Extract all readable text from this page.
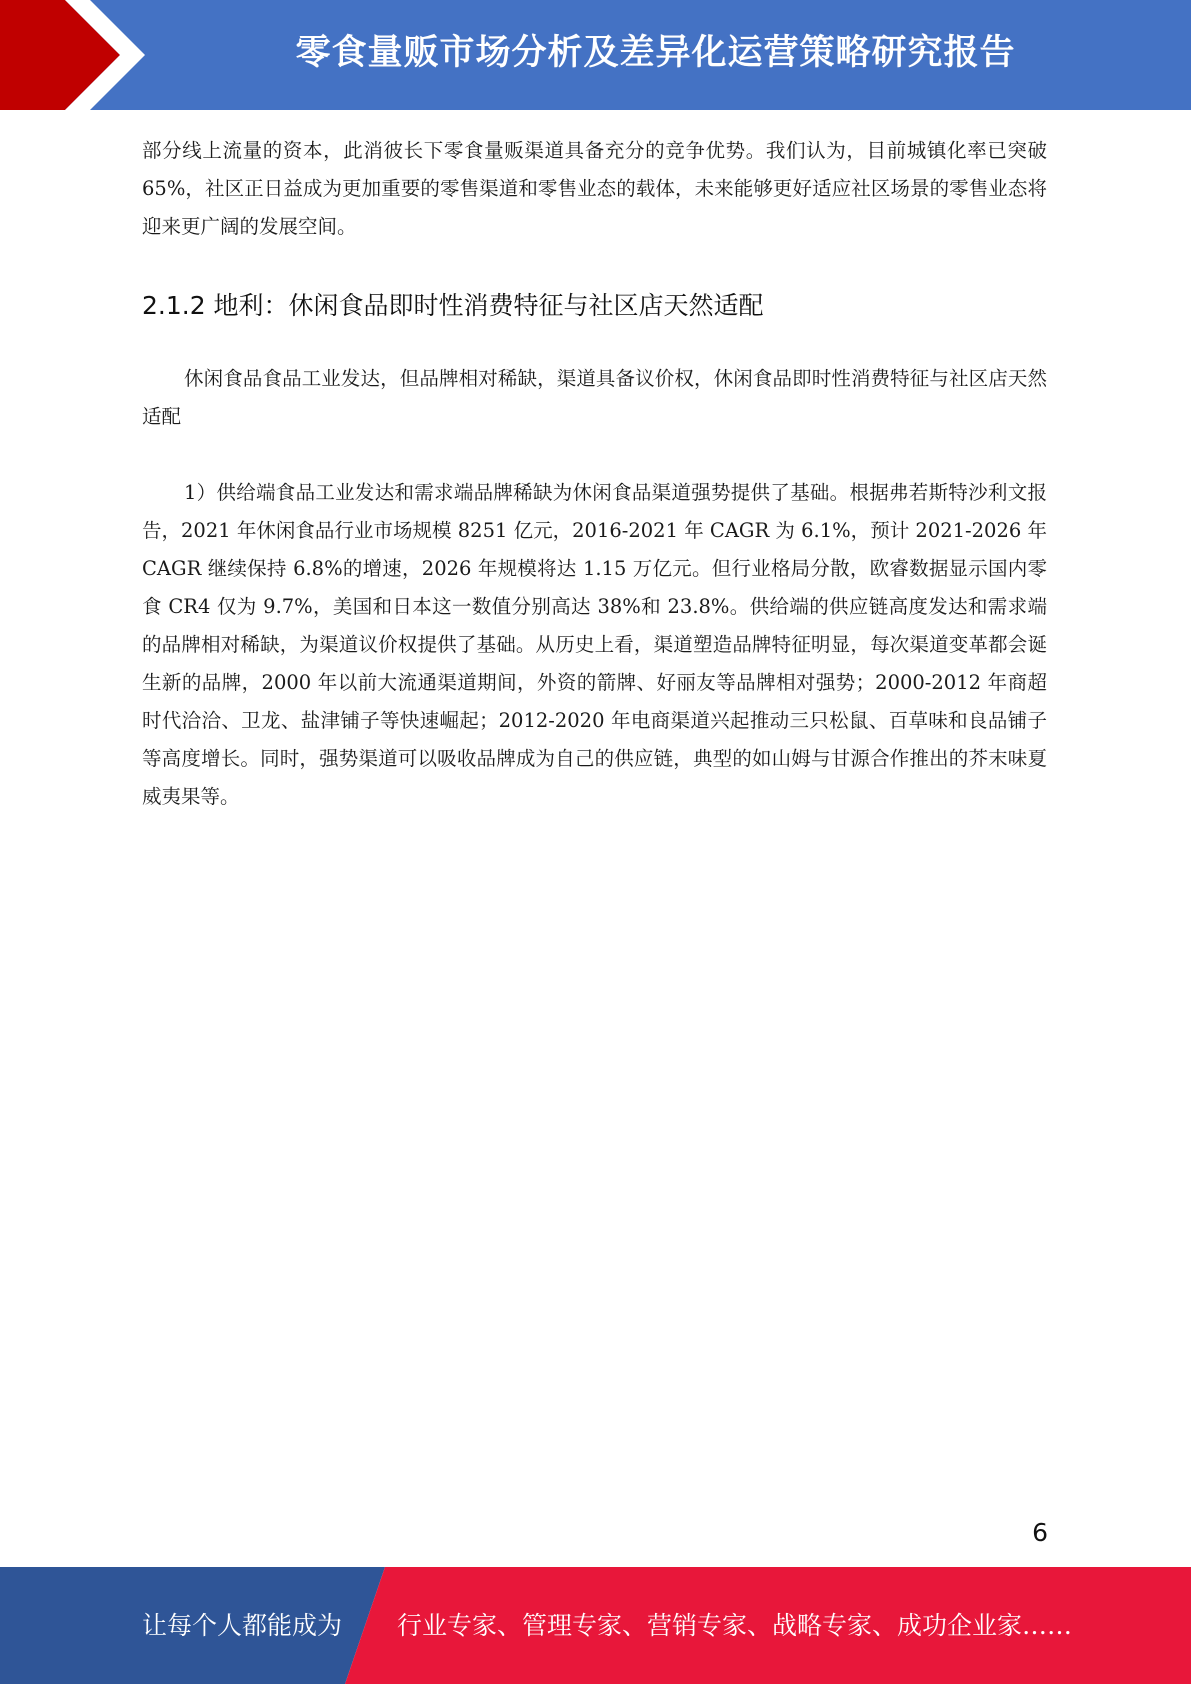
零食量贩市场分析及差异化运营策略研究报告

部分线上流量的资本，此消彼长下零食量贩渠道具备充分的竞争优势。我们认为，目前城镇化率已突破 65%，社区正日益成为更加重要的零售渠道和零售业态的载体，未来能够更好适应社区场景的零售业态将迎来更广阔的发展空间。

2.1.2 地利：休闲食品即时性消费特征与社区店天然适配

休闲食品食品工业发达，但品牌相对稀缺，渠道具备议价权，休闲食品即时性消费特征与社区店天然适配

1）供给端食品工业发达和需求端品牌稀缺为休闲食品渠道强势提供了基础。根据弗若斯特沙利文报告，2021 年休闲食品行业市场规模 8251 亿元，2016-2021 年 CAGR 为 6.1%，预计 2021-2026 年 CAGR 继续保持 6.8%的增速，2026 年规模将达 1.15 万亿元。但行业格局分散，欧睿数据显示国内零食 CR4 仅为 9.7%，美国和日本这一数值分别高达 38%和 23.8%。供给端的供应链高度发达和需求端的品牌相对稀缺，为渠道议价权提供了基础。从历史上看，渠道塑造品牌特征明显，每次渠道变革都会诞生新的品牌，2000 年以前大流通渠道期间，外资的箭牌、好丽友等品牌相对强势；2000-2012 年商超时代洽洽、卫龙、盐津铺子等快速崛起；2012-2020 年电商渠道兴起推动三只松鼠、百草味和良品铺子等高度增长。同时，强势渠道可以吸收品牌成为自己的供应链，典型的如山姆与甘源合作推出的芥末味夏威夷果等。

6
让每个人都能成为 行业专家、管理专家、营销专家、战略专家、成功企业家……
